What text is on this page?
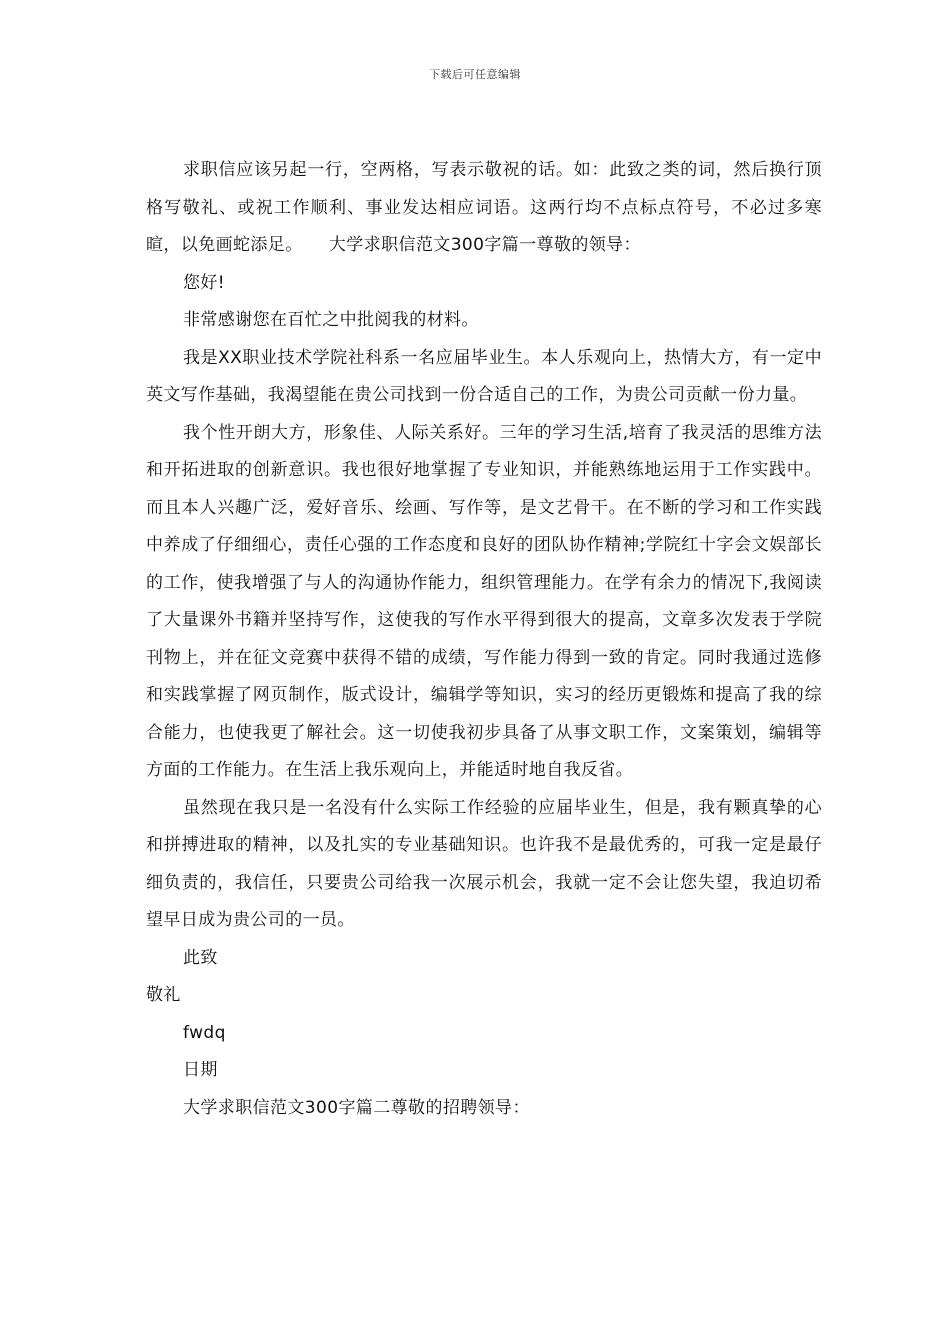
下载后可任意编辑

求职信应该另起一行，空两格，写表示敬祝的话。如：此致之类的词，然后换行顶格写敬礼、或祝工作顺利、事业发达相应词语。这两行均不点标点符号，不必过多寒暄，以免画蛇添足。　　大学求职信范文300字篇一尊敬的领导：

您好!

非常感谢您在百忙之中批阅我的材料。

我是XX职业技术学院社科系一名应届毕业生。本人乐观向上，热情大方，有一定中英文写作基础，我渴望能在贵公司找到一份合适自己的工作，为贵公司贡献一份力量。

我个性开朗大方，形象佳、人际关系好。三年的学习生活,培育了我灵活的思维方法和开拓进取的创新意识。我也很好地掌握了专业知识，并能熟练地运用于工作实践中。而且本人兴趣广泛，爱好音乐、绘画、写作等，是文艺骨干。在不断的学习和工作实践中养成了仔细细心，责任心强的工作态度和良好的团队协作精神;学院红十字会文娱部长的工作，使我增强了与人的沟通协作能力，组织管理能力。在学有余力的情况下,我阅读了大量课外书籍并坚持写作，这使我的写作水平得到很大的提高，文章多次发表于学院刊物上，并在征文竞赛中获得不错的成绩，写作能力得到一致的肯定。同时我通过选修和实践掌握了网页制作，版式设计，编辑学等知识，实习的经历更锻炼和提高了我的综合能力，也使我更了解社会。这一切使我初步具备了从事文职工作，文案策划，编辑等方面的工作能力。在生活上我乐观向上，并能适时地自我反省。

虽然现在我只是一名没有什么实际工作经验的应届毕业生，但是，我有颗真挚的心和拼搏进取的精神，以及扎实的专业基础知识。也许我不是最优秀的，可我一定是最仔细负责的，我信任，只要贵公司给我一次展示机会，我就一定不会让您失望，我迫切希望早日成为贵公司的一员。

此致

敬礼

fwdq

日期

大学求职信范文300字篇二尊敬的招聘领导：
